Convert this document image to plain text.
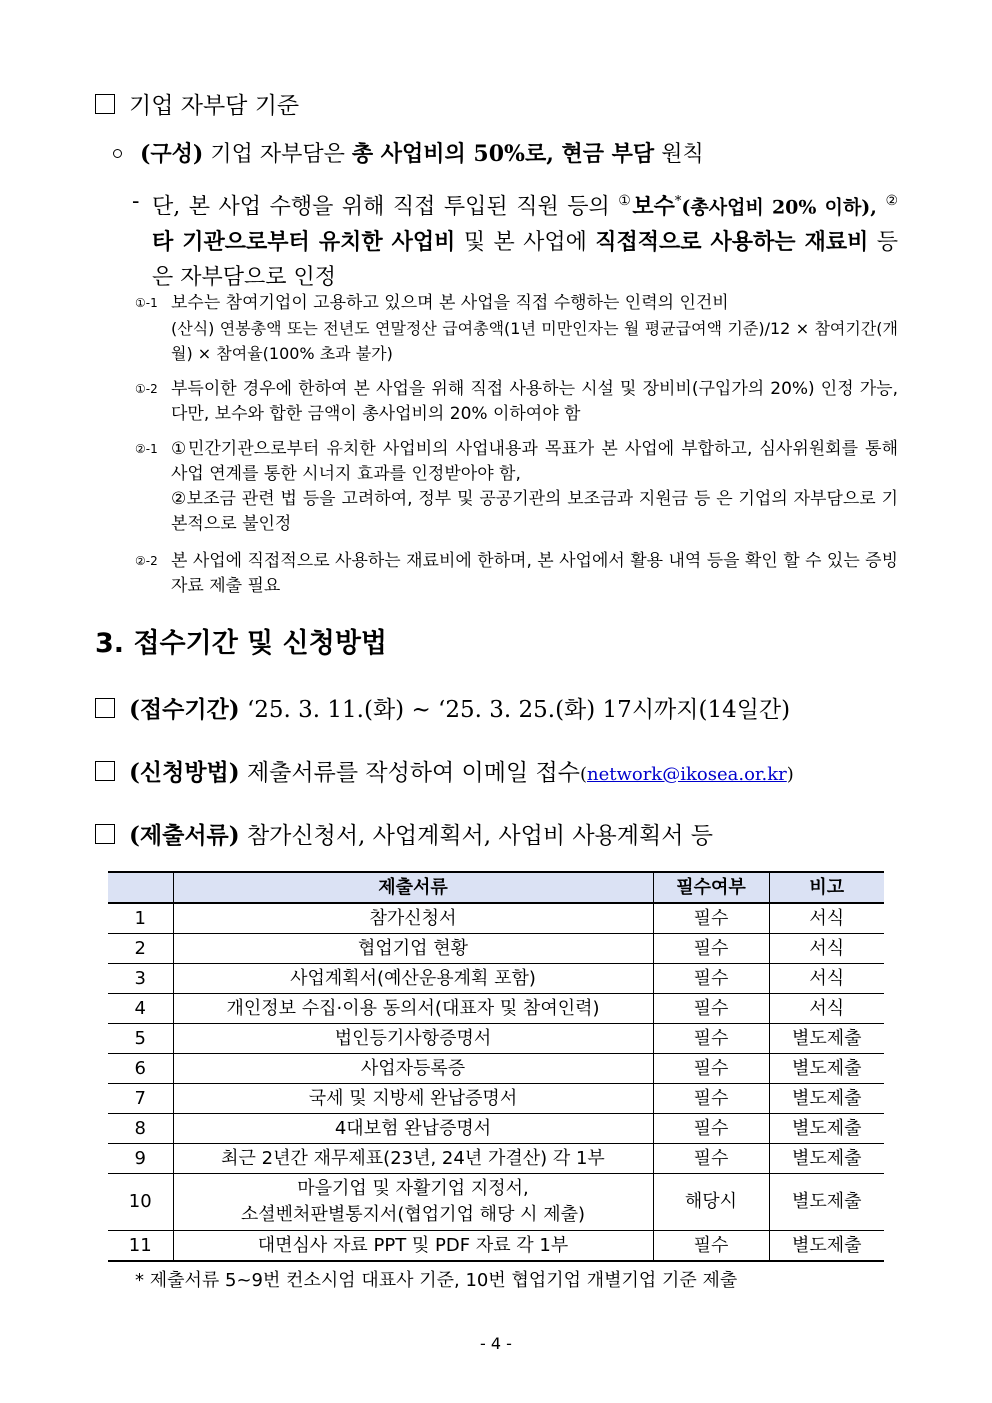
기업 자부담 기준
(구성) 기업 자부담은 총 사업비의 50%로, 현금 부담 원칙
- 단, 본 사업 수행을 위해 직접 투입된 직원 등의 ①보수*(총사업비 20% 이하), ②타 기관으로부터 유치한 사업비 및 본 사업에 직접적으로 사용하는 재료비 등은 자부담으로 인정
①-1 보수는 참여기업이 고용하고 있으며 본 사업을 직접 수행하는 인력의 인건비
(산식) 연봉총액 또는 전년도 연말정산 급여총액(1년 미만인자는 월 평균급여액 기준)/12 × 참여기간(개월) × 참여율(100% 초과 불가)
①-2 부득이한 경우에 한하여 본 사업을 위해 직접 사용하는 시설 및 장비비(구입가의 20%) 인정 가능, 다만, 보수와 합한 금액이 총사업비의 20% 이하여야 함
②-1 ①민간기관으로부터 유치한 사업비의 사업내용과 목표가 본 사업에 부합하고, 심사위원회를 통해 사업 연계를 통한 시너지 효과를 인정받아야 함,
②보조금 관련 법 등을 고려하여, 정부 및 공공기관의 보조금과 지원금 등 은 기업의 자부담으로 기본적으로 불인정
②-2 본 사업에 직접적으로 사용하는 재료비에 한하며, 본 사업에서 활용 내역 등을 확인 할 수 있는 증빙자료 제출 필요
3. 접수기간 및 신청방법
(접수기간) ‘25. 3. 11.(화) ~ ‘25. 3. 25.(화) 17시까지(14일간)
(신청방법) 제출서류를 작성하여 이메일 접수(network@ikosea.or.kr)
(제출서류) 참가신청서, 사업계획서, 사업비 사용계획서 등
	제출서류	필수여부	비고
1	참가신청서	필수	서식
2	협업기업 현황	필수	서식
3	사업계획서(예산운용계획 포함)	필수	서식
4	개인정보 수집·이용 동의서(대표자 및 참여인력)	필수	서식
5	법인등기사항증명서	필수	별도제출
6	사업자등록증	필수	별도제출
7	국세 및 지방세 완납증명서	필수	별도제출
8	4대보험 완납증명서	필수	별도제출
9	최근 2년간 재무제표(23년, 24년 가결산) 각 1부	필수	별도제출
10	마을기업 및 자활기업 지정서,
소셜벤처판별통지서(협업기업 해당 시 제출)	해당시	별도제출
11	대면심사 자료 PPT 및 PDF 자료 각 1부	필수	별도제출
* 제출서류 5~9번 컨소시엄 대표사 기준, 10번 협업기업 개별기업 기준 제출
- 4 -
